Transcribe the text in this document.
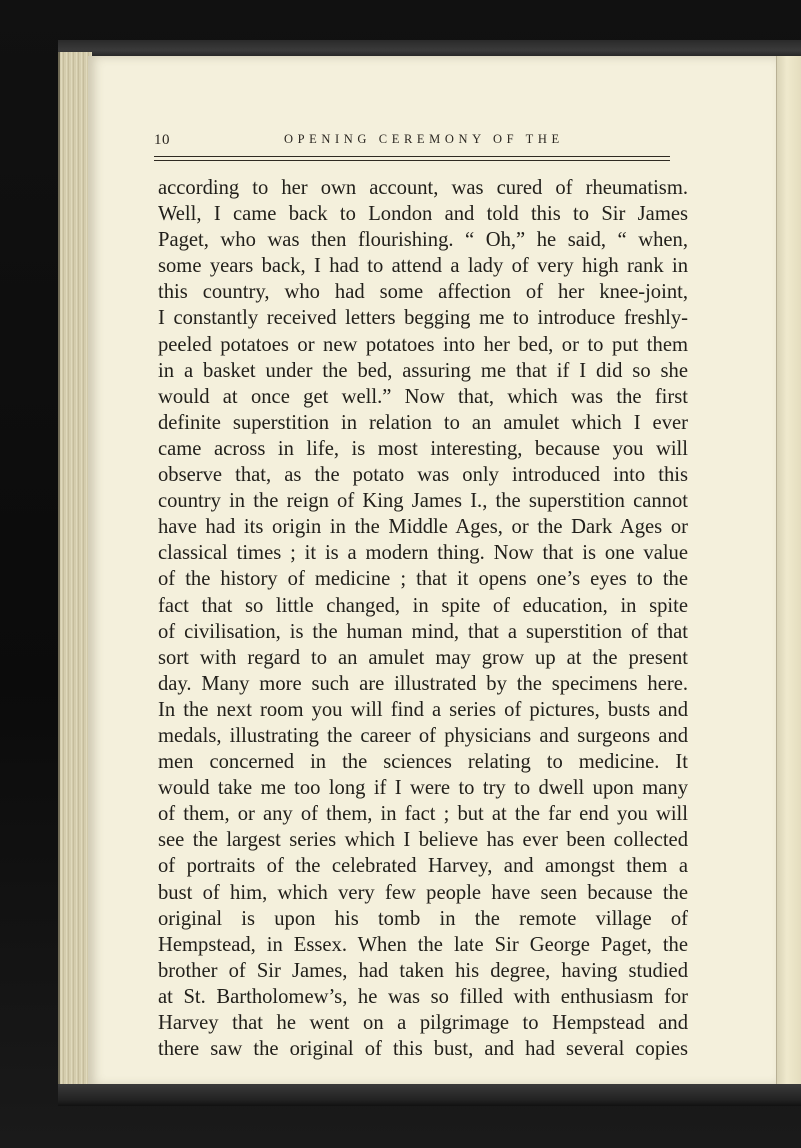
10	OPENING CEREMONY OF THE
according to her own account, was cured of rheumatism.
Well, I came back to London and told this to Sir James
Paget, who was then flourishing. “ Oh,” he said, “ when,
some years back, I had to attend a lady of very high rank in
this country, who had some affection of her knee-joint,
I constantly received letters begging me to introduce freshly-
peeled potatoes or new potatoes into her bed, or to put them
in a basket under the bed, assuring me that if I did so she
would at once get well.” Now that, which was the first
definite superstition in relation to an amulet which I ever
came across in life, is most interesting, because you will
observe that, as the potato was only introduced into this
country in the reign of King James I., the superstition cannot
have had its origin in the Middle Ages, or the Dark Ages or
classical times ; it is a modern thing. Now that is one value
of the history of medicine ; that it opens one’s eyes to the
fact that so little changed, in spite of education, in spite
of civilisation, is the human mind, that a superstition of that
sort with regard to an amulet may grow up at the present
day. Many more such are illustrated by the specimens here.
In the next room you will find a series of pictures, busts and
medals, illustrating the career of physicians and surgeons and
men concerned in the sciences relating to medicine. It
would take me too long if I were to try to dwell upon many
of them, or any of them, in fact ; but at the far end you will
see the largest series which I believe has ever been collected
of portraits of the celebrated Harvey, and amongst them a
bust of him, which very few people have seen because the
original is upon his tomb in the remote village of
Hempstead, in Essex. When the late Sir George Paget, the
brother of Sir James, had taken his degree, having studied
at St. Bartholomew’s, he was so filled with enthusiasm for
Harvey that he went on a pilgrimage to Hempstead and
there saw the original of this bust, and had several copies
